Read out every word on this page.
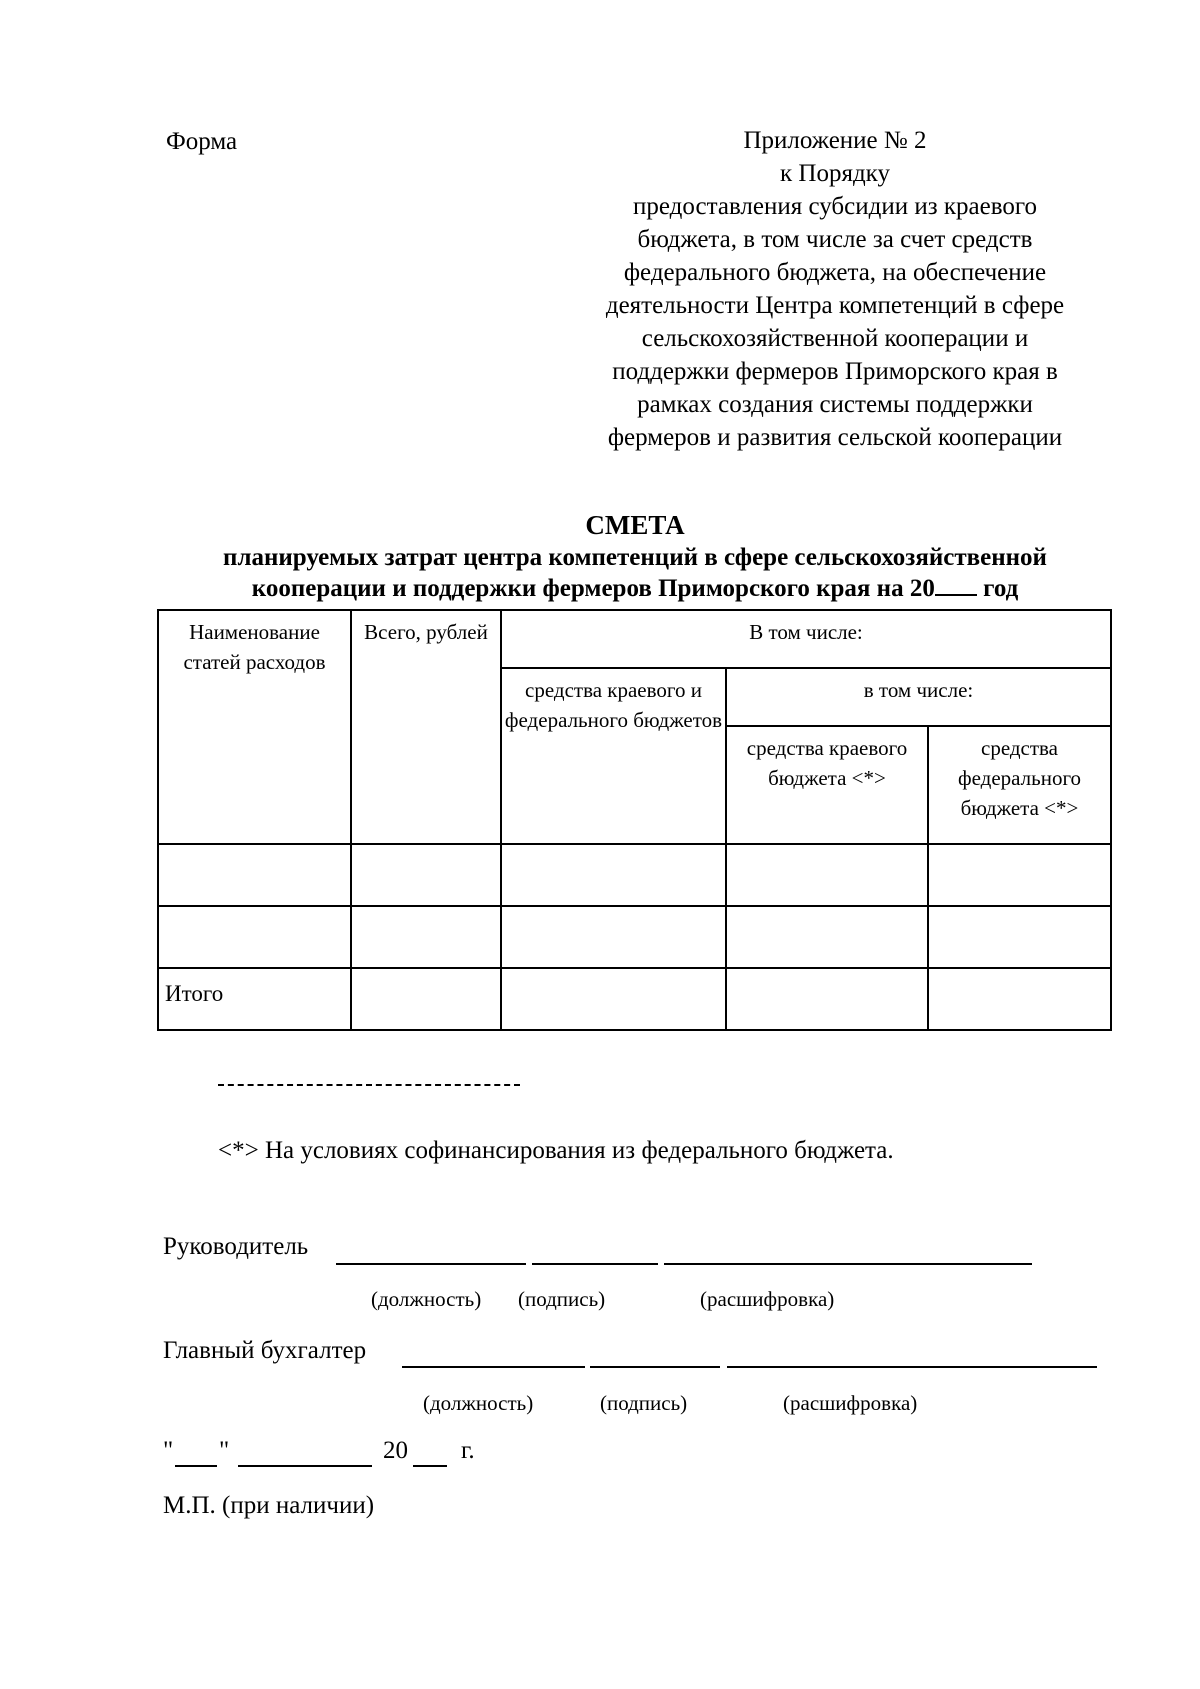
Форма	Приложение № 2
к Порядку
предоставления субсидии из краевого
бюджета, в том числе за счет средств
федерального бюджета, на обеспечение
деятельности Центра компетенций в сфере
сельскохозяйственной кооперации и
поддержки фермеров Приморского края в
рамках создания системы поддержки
фермеров и развития сельской кооперации
СМЕТА
планируемых затрат центра компетенций в сфере сельскохозяйственной
кооперации и поддержки фермеров Приморского края на 20 год
Наименование статей расходов	Всего, рублей	В том числе:		
		средства краевого и федерального бюджетов	в том числе:	
			средства краевого бюджета <*>	средства федерального бюджета <*>

Итого				
<*> На условиях софинансирования из федерального бюджета.
Руководитель
(должность) (подпись)	(расшифровка)
Главный бухгалтер
(должность)	(подпись)	(расшифровка)
" "	20 г.
М.П. (при наличии)
